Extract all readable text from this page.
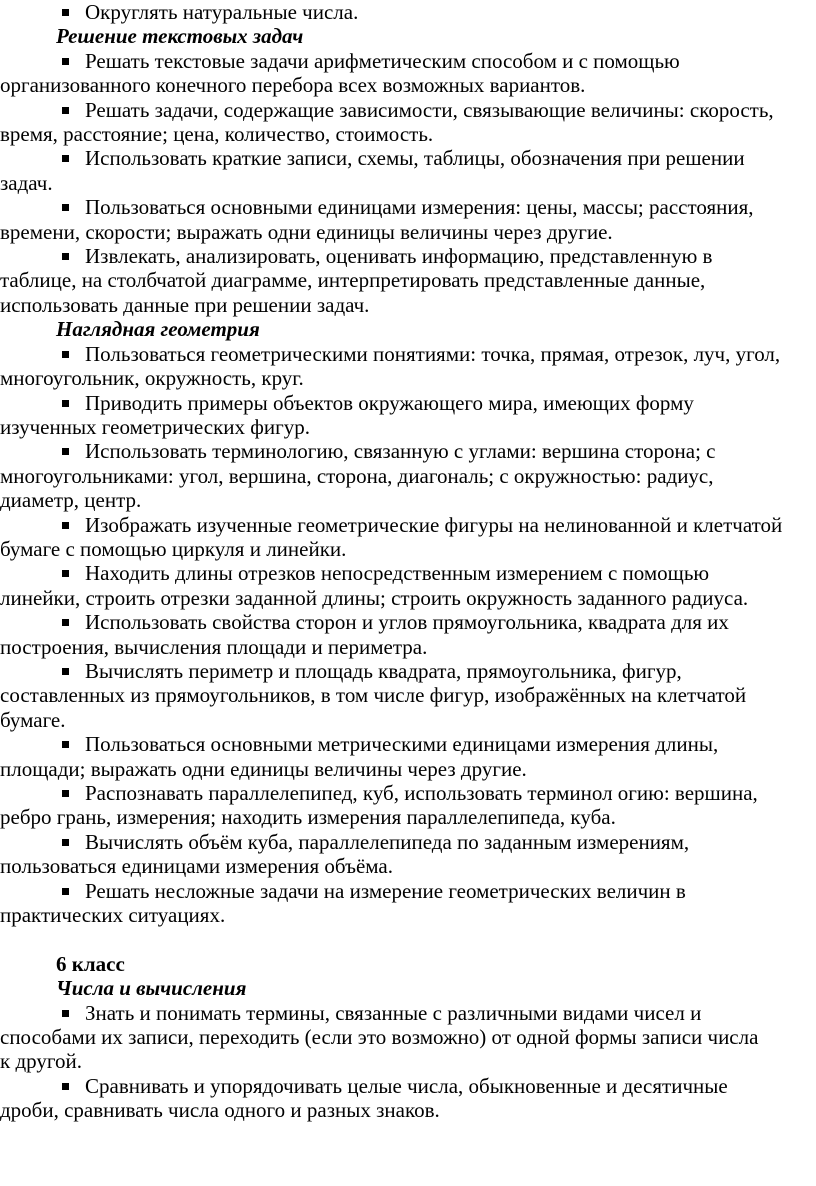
Округлять натуральные числа.
Решение текстовых задач
Решать текстовые задачи арифметическим способом и с помощью
организованного конечного перебора всех возможных вариантов.
Решать задачи, содержащие зависимости, связывающие величины: скорость,
время, расстояние; цена, количество, стоимость.
Использовать краткие записи, схемы, таблицы, обозначения при решении
задач.
Пользоваться основными единицами измерения: цены, массы; расстояния,
времени, скорости; выражать одни единицы величины через другие.
Извлекать, анализировать, оценивать информацию, представленную в
таблице, на столбчатой диаграмме, интерпретировать представленные данные,
использовать данные при решении задач.
Наглядная геометрия
Пользоваться геометрическими понятиями: точка, прямая, отрезок, луч, угол,
многоугольник, окружность, круг.
Приводить примеры объектов окружающего мира, имеющих форму
изученных геометрических фигур.
Использовать терминологию, связанную с углами: вершина сторона; с
многоугольниками: угол, вершина, сторона, диагональ; с окружностью: радиус,
диаметр, центр.
Изображать изученные геометрические фигуры на нелинованной и клетчатой
бумаге с помощью циркуля и линейки.
Находить длины отрезков непосредственным измерением с помощью
линейки, строить отрезки заданной длины; строить окружность заданного радиуса.
Использовать свойства сторон и углов прямоугольника, квадрата для их
построения, вычисления площади и периметра.
Вычислять периметр и площадь квадрата, прямоугольника, фигур,
составленных из прямоугольников, в том числе фигур, изображённых на клетчатой
бумаге.
Пользоваться основными метрическими единицами измерения длины,
площади; выражать одни единицы величины через другие.
Распознавать параллелепипед, куб, использовать терминол огию: вершина,
ребро грань, измерения; находить измерения параллелепипеда, куба.
Вычислять объём куба, параллелепипеда по заданным измерениям,
пользоваться единицами измерения объёма.
Решать несложные задачи на измерение геометрических величин в
практических ситуациях.
6 класс
Числа и вычисления
Знать и понимать термины, связанные с различными видами чисел и
способами их записи, переходить (если это возможно) от одной формы записи числа
к другой.
Сравнивать и упорядочивать целые числа, обыкновенные и десятичные
дроби, сравнивать числа одного и разных знаков.
